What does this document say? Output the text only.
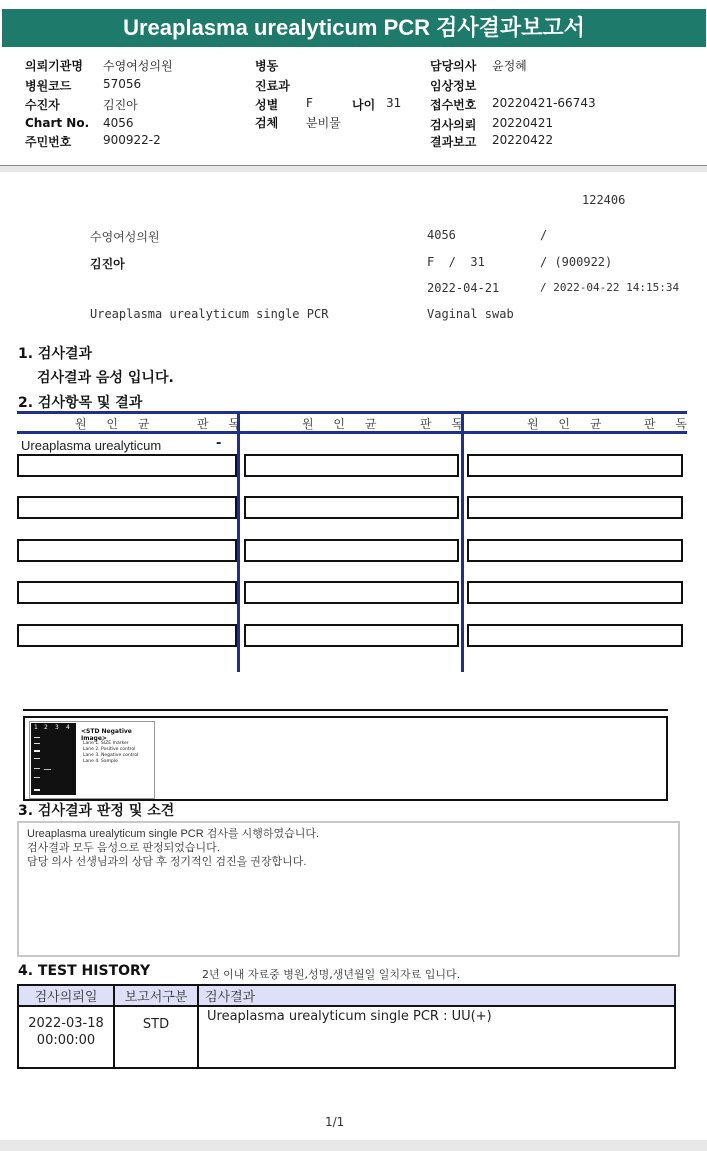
Ureaplasma urealyticum PCR 검사결과보고서
의뢰기관명 수영여성의원
병원코드	57056
수진자	김진아
Chart No. 4056
주민번호	900922-2
병동
진료과
성별 F	나이 31
검체 분비물
담당의사 윤정혜
임상정보
접수번호 20220421-66743
검사의뢰 20220421
결과보고 20220422
122406
수영여성의원	4056	/
김진아	F  /  31	/ (900922)
2022-04-21	/ 2022-04-22 14:15:34
Ureaplasma urealyticum single PCR	Vaginal swab
1. 검사결과
검사결과 음성 입니다.
2. 검사항목 및 결과
원 인 균	판 독	원 인 균	판 독	원 인 균	판 독
Ureaplasma urealyticum	-
1 2 3 4
<STD Negative Image>
Lane 1. SIZE marker
Lane 2. Positive control
Lane 3. Negative control
Lane 4. Sample
3. 검사결과 판정 및 소견
Ureaplasma urealyticum single PCR 검사를 시행하였습니다.
검사결과 모두 음성으로 판정되었습니다.
담당 의사 선생님과의 상담 후 정기적인 검진을 권장합니다.
4. TEST HISTORY	2년 이내 자료중 병원,성명,생년월일 일치자료 입니다.
검사의뢰일	보고서구분	검사결과

2022-03-18
00:00:00	STD	Ureaplasma urealyticum single PCR : UU(+)
1/1
